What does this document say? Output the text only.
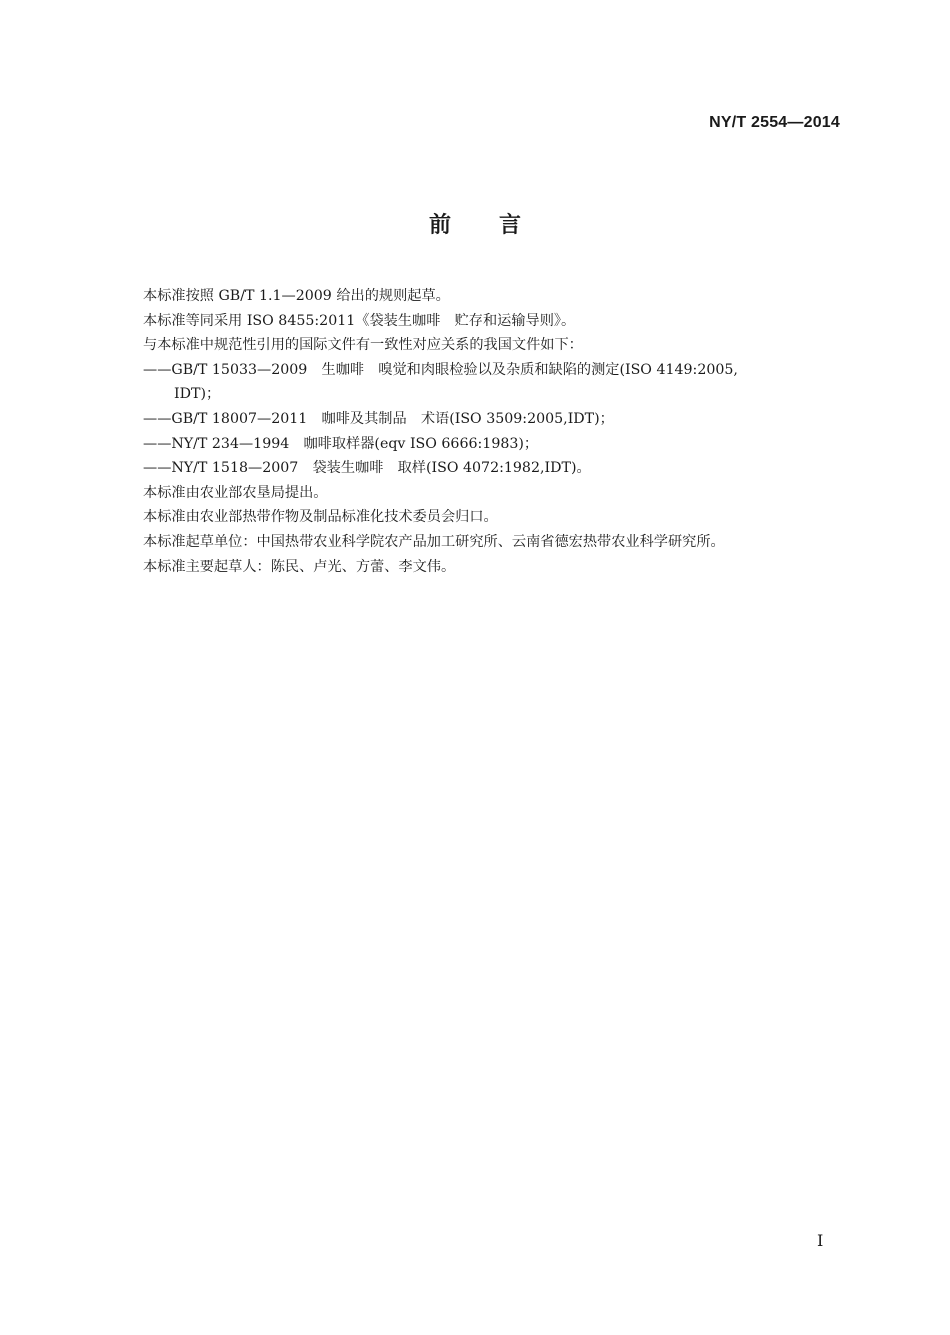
NY/T 2554—2014
前言

本标准按照 GB/T 1.1—2009 给出的规则起草。

本标准等同采用 ISO 8455:2011《袋装生咖啡　贮存和运输导则》。

与本标准中规范性引用的国际文件有一致性对应关系的我国文件如下：

——GB/T 15033—2009　生咖啡　嗅觉和肉眼检验以及杂质和缺陷的测定(ISO 4149:2005,

IDT)；

——GB/T 18007—2011　咖啡及其制品　术语(ISO 3509:2005,IDT)；

——NY/T 234—1994　咖啡取样器(eqv ISO 6666:1983)；

——NY/T 1518—2007　袋装生咖啡　取样(ISO 4072:1982,IDT)。

本标准由农业部农垦局提出。

本标准由农业部热带作物及制品标准化技术委员会归口。

本标准起草单位：中国热带农业科学院农产品加工研究所、云南省德宏热带农业科学研究所。

本标准主要起草人：陈民、卢光、方蕾、李文伟。

I
